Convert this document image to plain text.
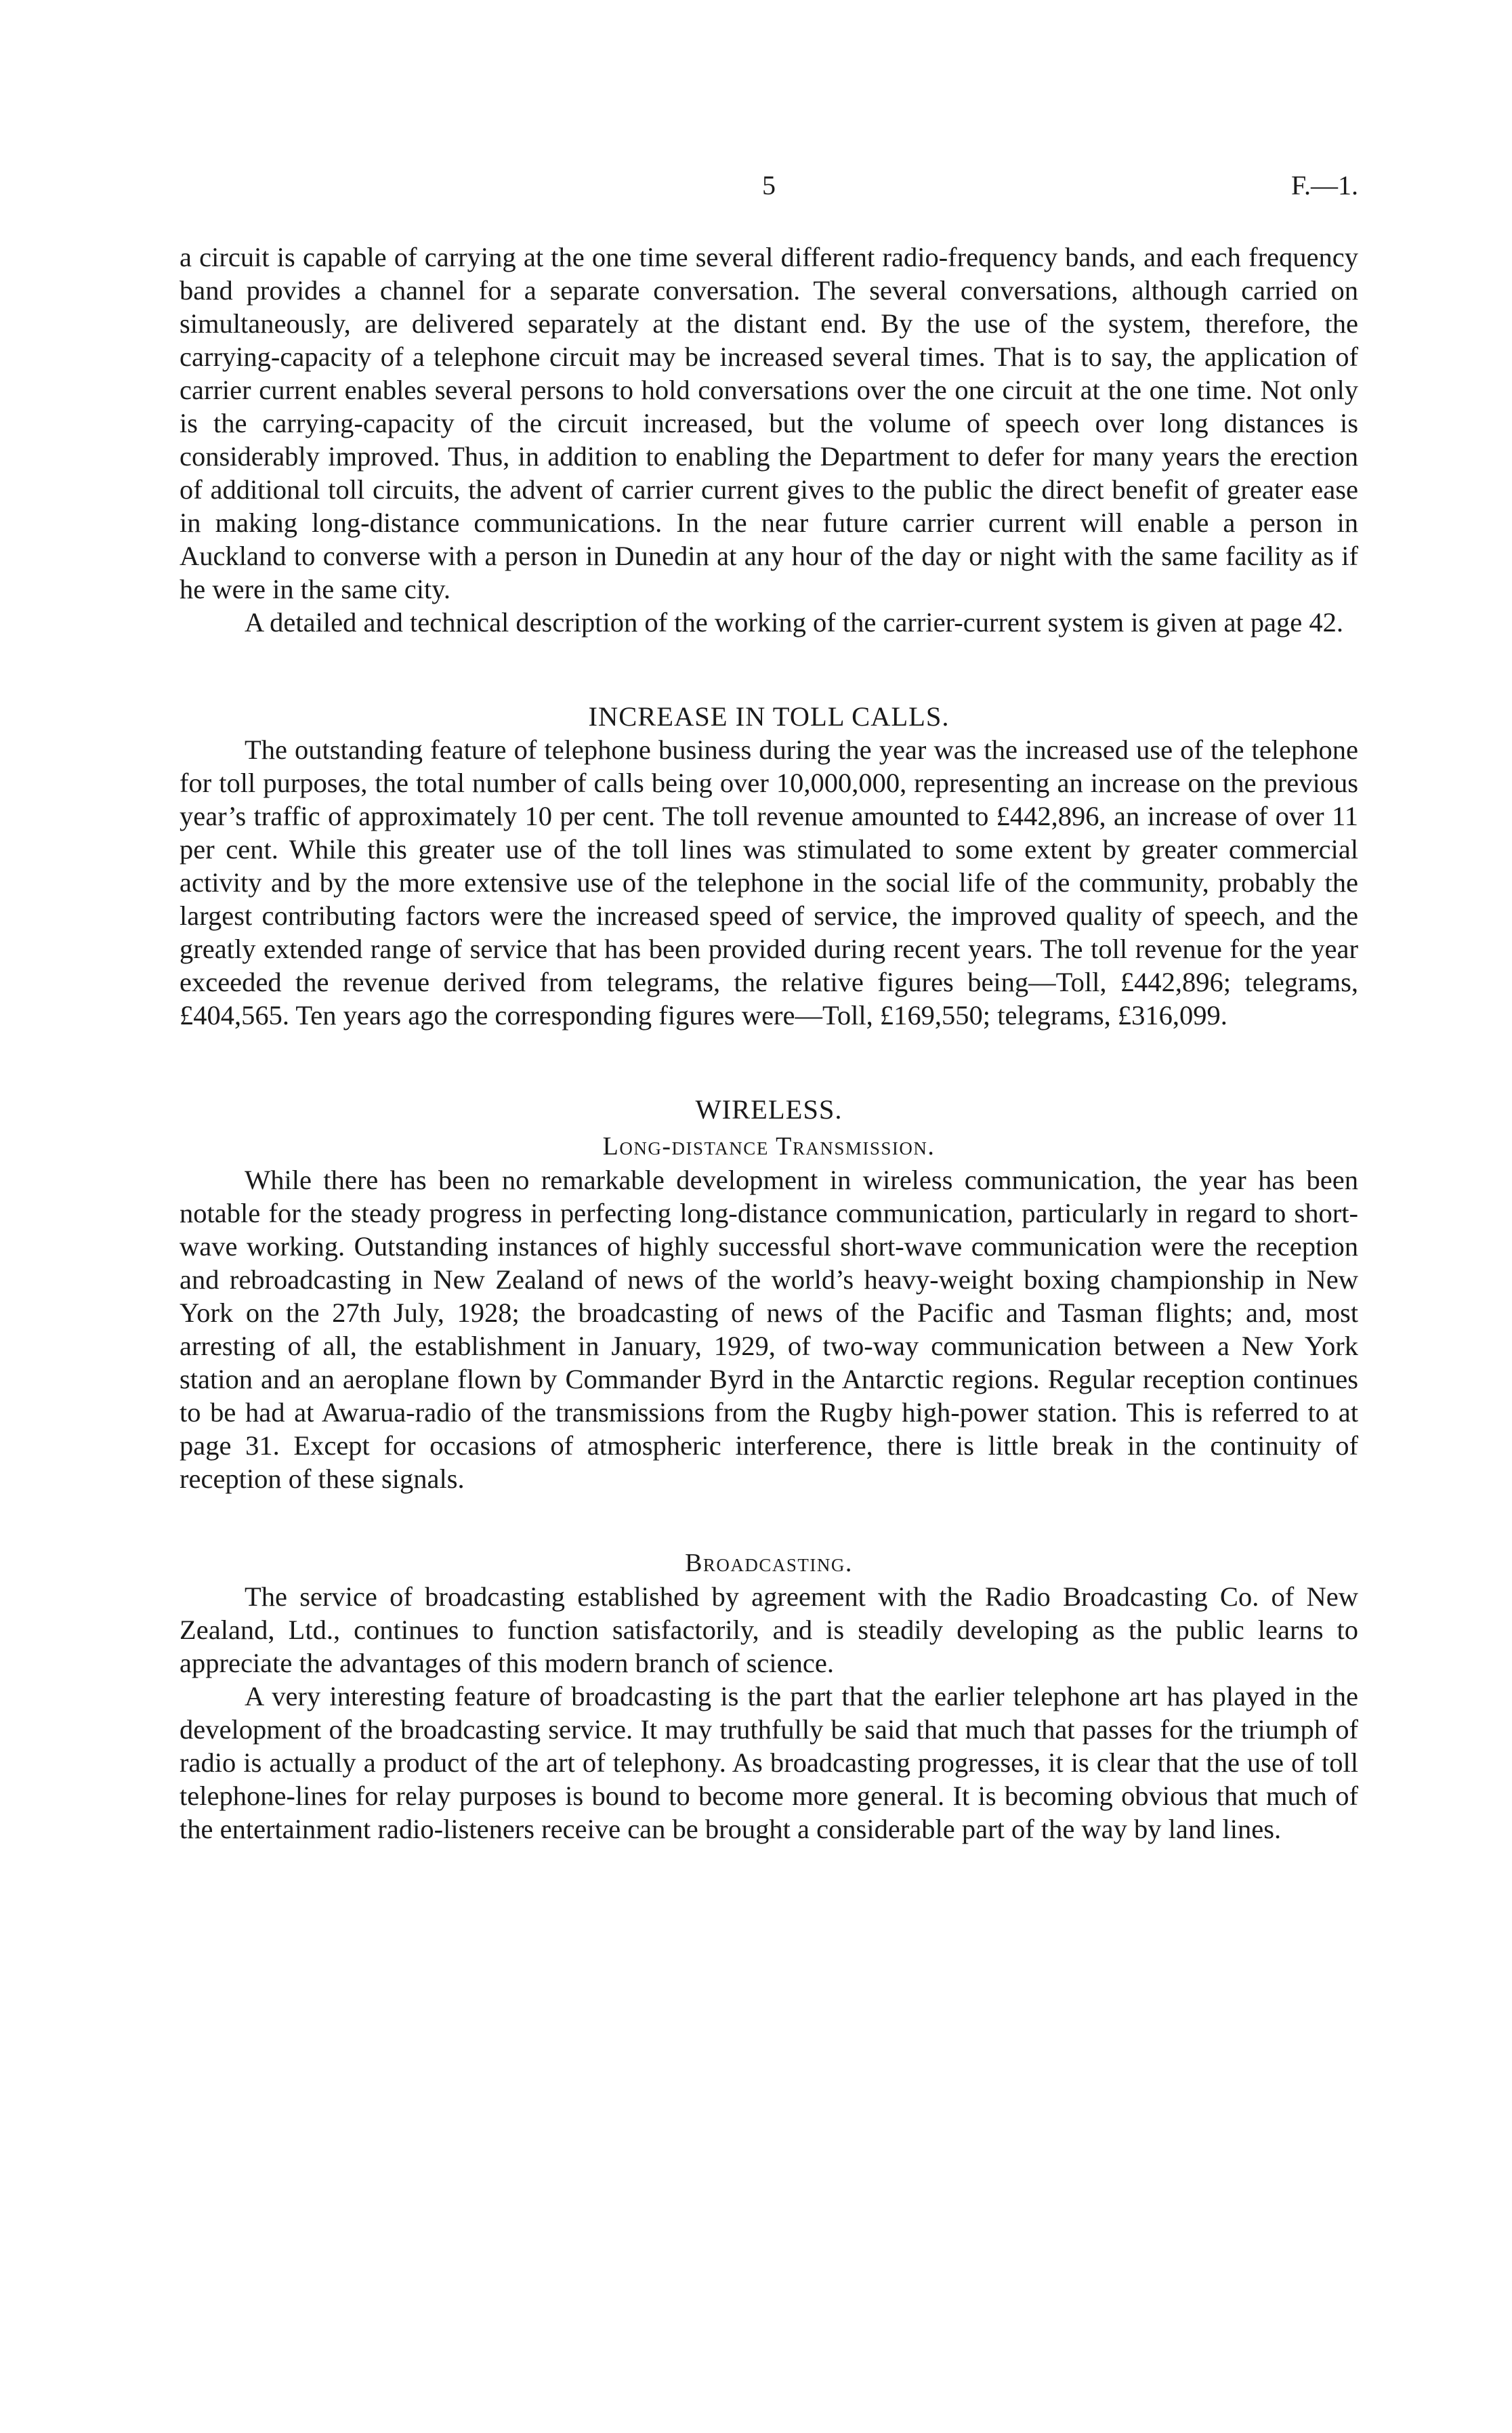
5	F.—1.

a circuit is capable of carrying at the one time several different radio-frequency bands, and each frequency band provides a channel for a separate conversation. The several conversations, although carried on simultaneously, are delivered separately at the distant end. By the use of the system, therefore, the carrying-capacity of a telephone circuit may be increased several times. That is to say, the application of carrier current enables several persons to hold conversations over the one circuit at the one time. Not only is the carrying-capacity of the circuit increased, but the volume of speech over long distances is considerably improved. Thus, in addition to enabling the Department to defer for many years the erection of additional toll circuits, the advent of carrier current gives to the public the direct benefit of greater ease in making long-distance communications. In the near future carrier current will enable a person in Auckland to converse with a person in Dunedin at any hour of the day or night with the same facility as if he were in the same city.

A detailed and technical description of the working of the carrier-current system is given at page 42.

INCREASE IN TOLL CALLS.

The outstanding feature of telephone business during the year was the increased use of the telephone for toll purposes, the total number of calls being over 10,000,000, representing an increase on the previous year’s traffic of approximately 10 per cent. The toll revenue amounted to £442,896, an increase of over 11 per cent. While this greater use of the toll lines was stimulated to some extent by greater commercial activity and by the more extensive use of the telephone in the social life of the community, probably the largest contributing factors were the increased speed of service, the improved quality of speech, and the greatly extended range of service that has been provided during recent years. The toll revenue for the year exceeded the revenue derived from telegrams, the relative figures being—Toll, £442,896; telegrams, £404,565. Ten years ago the corresponding figures were—Toll, £169,550; telegrams, £316,099.

WIRELESS.
Long-distance Transmission.

While there has been no remarkable development in wireless communication, the year has been notable for the steady progress in perfecting long-distance communication, particularly in regard to short-wave working. Outstanding instances of highly successful short-wave communication were the reception and rebroadcasting in New Zealand of news of the world’s heavy-weight boxing championship in New York on the 27th July, 1928; the broadcasting of news of the Pacific and Tasman flights; and, most arresting of all, the establishment in January, 1929, of two-way communication between a New York station and an aeroplane flown by Commander Byrd in the Antarctic regions. Regular reception continues to be had at Awarua-radio of the transmissions from the Rugby high-power station. This is referred to at page 31. Except for occasions of atmospheric interference, there is little break in the continuity of reception of these signals.

Broadcasting.

The service of broadcasting established by agreement with the Radio Broadcasting Co. of New Zealand, Ltd., continues to function satisfactorily, and is steadily developing as the public learns to appreciate the advantages of this modern branch of science.

A very interesting feature of broadcasting is the part that the earlier telephone art has played in the development of the broadcasting service. It may truthfully be said that much that passes for the triumph of radio is actually a product of the art of telephony. As broadcasting progresses, it is clear that the use of toll telephone-lines for relay purposes is bound to become more general. It is becoming obvious that much of the entertainment radio-listeners receive can be brought a considerable part of the way by land lines.
